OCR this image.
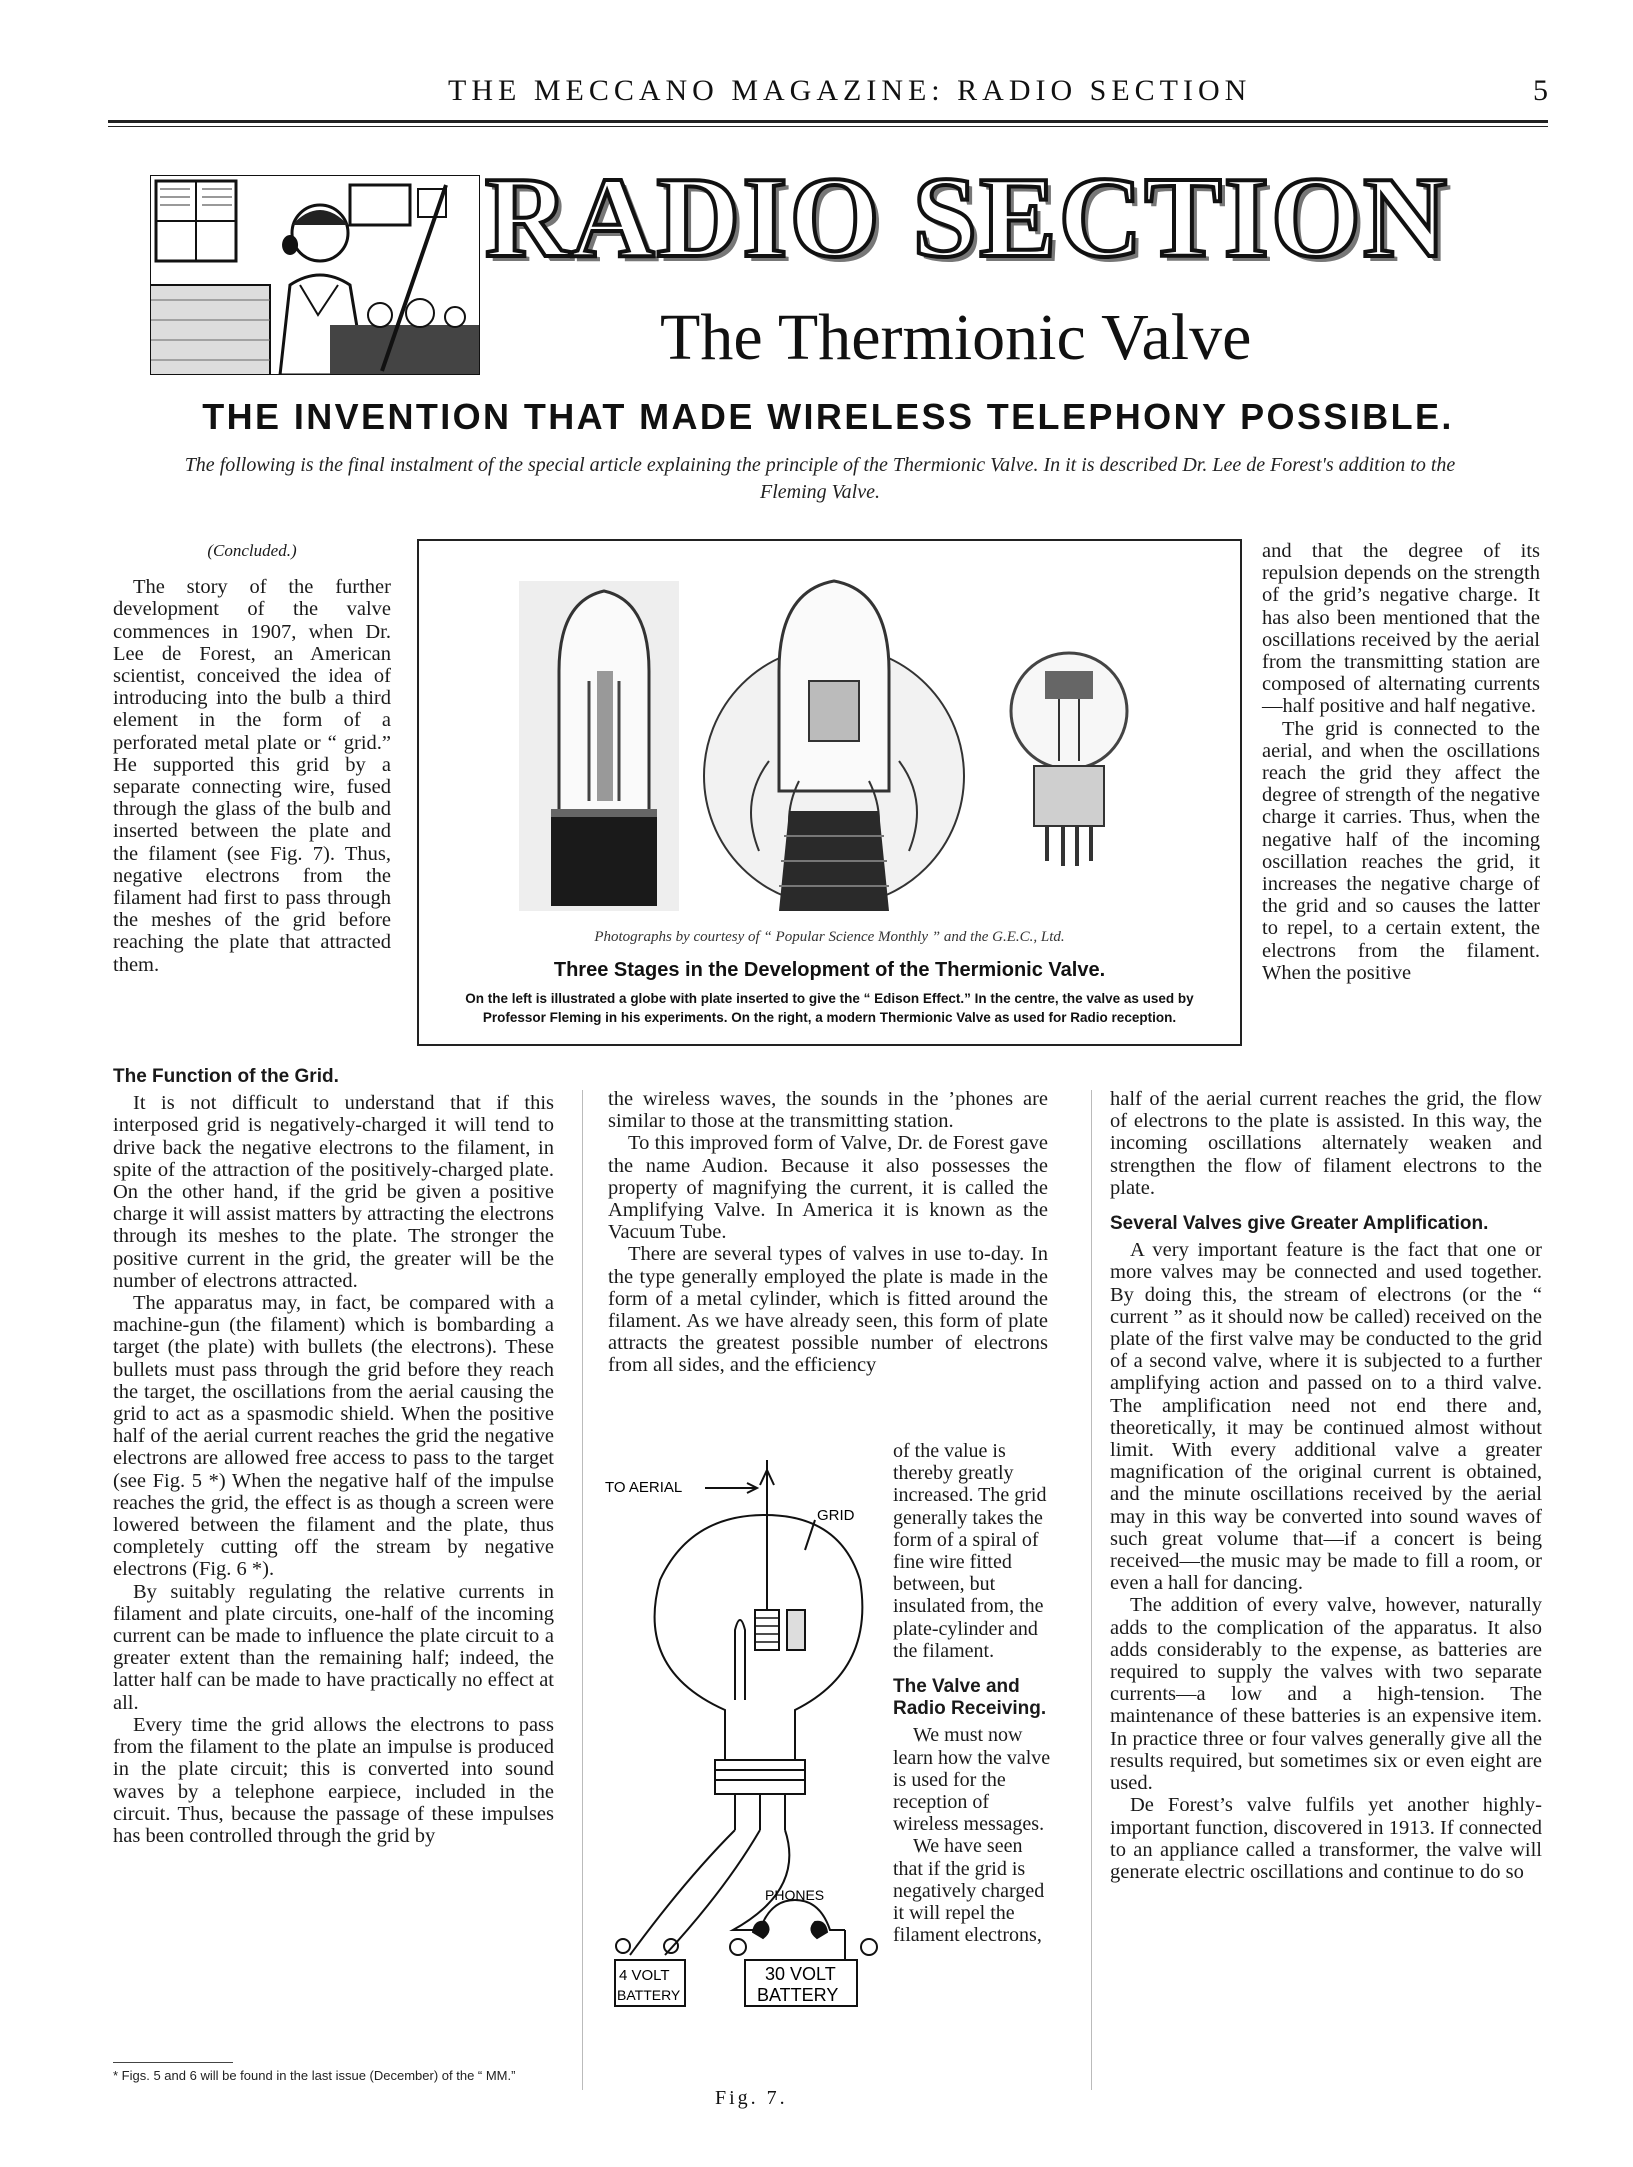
THE MECCANO MAGAZINE: RADIO SECTION	5
RADIO SECTION
The Thermionic Valve
THE INVENTION THAT MADE WIRELESS TELEPHONY POSSIBLE.
The following is the final instalment of the special article explaining the principle of the Thermionic Valve. In it is described Dr. Lee de Forest's addition to the Fleming Valve.

(Concluded.)

The story of the further development of the valve commences in 1907, when Dr. Lee de Forest, an American scientist, conceived the idea of introducing into the bulb a third element in the form of a perforated metal plate or “ grid.” He supported this grid by a separate connecting wire, fused through the glass of the bulb and inserted between the plate and the filament (see Fig. 7). Thus, negative electrons from the filament had first to pass through the meshes of the grid before reaching the plate that attracted them.

Photographs by courtesy of “ Popular Science Monthly ” and the G.E.C., Ltd.
Three Stages in the Development of the Thermionic Valve.
On the left is illustrated a globe with plate inserted to give the “ Edison Effect.” In the centre, the valve as used by Professor Fleming in his experiments. On the right, a modern Thermionic Valve as used for Radio reception.

and that the degree of its repulsion depends on the strength of the grid’s negative charge. It has also been mentioned that the oscillations received by the aerial from the transmitting station are composed of alternating currents—half positive and half negative.

The grid is connected to the aerial, and when the oscillations reach the grid they affect the degree of strength of the negative charge it carries. Thus, when the negative half of the incoming oscillation reaches the grid, it increases the negative charge of the grid and so causes the latter to repel, to a certain extent, the electrons from the filament. When the positive

The Function of the Grid.

It is not difficult to understand that if this interposed grid is negatively-charged it will tend to drive back the negative electrons to the filament, in spite of the attraction of the positively-charged plate. On the other hand, if the grid be given a positive charge it will assist matters by attracting the electrons through its meshes to the plate. The stronger the positive current in the grid, the greater will be the number of electrons attracted.

The apparatus may, in fact, be compared with a machine-gun (the filament) which is bombarding a target (the plate) with bullets (the electrons). These bullets must pass through the grid before they reach the target, the oscillations from the aerial causing the grid to act as a spasmodic shield. When the positive half of the aerial current reaches the grid the negative electrons are allowed free access to pass to the target (see Fig. 5 *) When the negative half of the impulse reaches the grid, the effect is as though a screen were lowered between the filament and the plate, thus completely cutting off the stream by negative electrons (Fig. 6 *).

By suitably regulating the relative currents in filament and plate circuits, one-half of the incoming current can be made to influence the plate circuit to a greater extent than the remaining half; indeed, the latter half can be made to have practically no effect at all.

Every time the grid allows the electrons to pass from the filament to the plate an impulse is produced in the plate circuit; this is converted into sound waves by a telephone earpiece, included in the circuit. Thus, because the passage of these impulses has been controlled through the grid by

* Figs. 5 and 6 will be found in the last issue (December) of the “ MM.”

the wireless waves, the sounds in the ’phones are similar to those at the transmitting station.

To this improved form of Valve, Dr. de Forest gave the name Audion. Because it also possesses the property of magnifying the current, it is called the Amplifying Valve. In America it is known as the Vacuum Tube.

There are several types of valves in use to-day. In the type generally employed the plate is made in the form of a metal cylinder, which is fitted around the filament. As we have already seen, this form of plate attracts the greatest possible number of electrons from all sides, and the efficiency

of the value is thereby greatly increased. The grid generally takes the form of a spiral of fine wire fitted between, but insulated from, the plate-cylinder and the filament.

The Valve and Radio Receiving.

We must now learn how the valve is used for the reception of wireless messages.

We have seen that if the grid is negatively charged it will repel the filament electrons,

TO AERIAL
GRID
PHONES
4 VOLT
BATTERY
30 VOLT
BATTERY
Fig. 7.

half of the aerial current reaches the grid, the flow of electrons to the plate is assisted. In this way, the incoming oscillations alternately weaken and strengthen the flow of filament electrons to the plate.

Several Valves give Greater Amplification.

A very important feature is the fact that one or more valves may be connected and used together. By doing this, the stream of electrons (or the “ current ” as it should now be called) received on the plate of the first valve may be conducted to the grid of a second valve, where it is subjected to a further amplifying action and passed on to a third valve. The amplification need not end there and, theoretically, it may be continued almost without limit. With every additional valve a greater magnification of the original current is obtained, and the minute oscillations received by the aerial may in this way be converted into sound waves of such great volume that—if a concert is being received—the music may be made to fill a room, or even a hall for dancing.

The addition of every valve, however, naturally adds to the complication of the apparatus. It also adds considerably to the expense, as batteries are required to supply the valves with two separate currents—a low and a high-tension. The maintenance of these batteries is an expensive item. In practice three or four valves generally give all the results required, but sometimes six or even eight are used.

De Forest’s valve fulfils yet another highly-important function, discovered in 1913. If connected to an appliance called a transformer, the valve will generate electric oscillations and continue to do so
